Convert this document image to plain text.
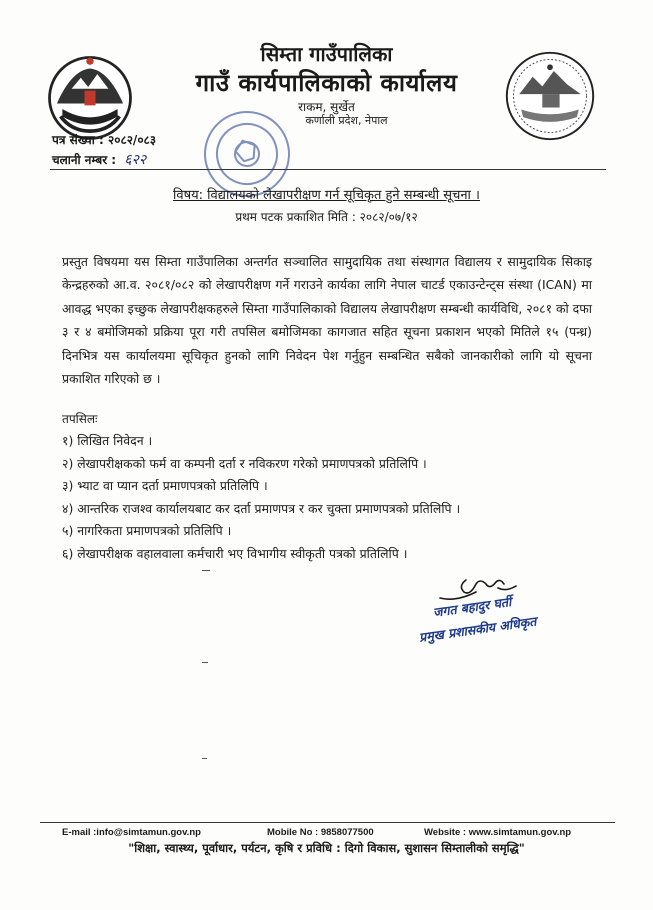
सिम्ता गाउँपालिका
गाउँ कार्यपालिकाको कार्यालय
राकम, सुर्खेत
कर्णाली प्रदेश, नेपाल
पत्र संख्या : २०८२/०८३
चलानी नम्बर : ६२२
विषय: विद्यालयको लेखापरीक्षण गर्न सूचिकृत हुने सम्बन्धी सूचना ।
प्रथम पटक प्रकाशित मिति : २०८२/०७/१२
प्रस्तुत विषयमा यस सिम्ता गाउँपालिका अन्तर्गत सञ्चालित सामुदायिक तथा संस्थागत विद्यालय र सामुदायिक सिकाइ केन्द्रहरुको आ.व. २०८१/०८२ को लेखापरीक्षण गर्ने गराउने कार्यका लागि नेपाल चाटर्ड एकाउन्टेन्ट्स संस्था (ICAN) मा आवद्ध भएका इच्छुक लेखापरीक्षकहरुले सिम्ता गाउँपालिकाको विद्यालय लेखापरीक्षण सम्बन्धी कार्यविधि, २०८१ को दफा ३ र ४ बमोजिमको प्रक्रिया पूरा गरी तपसिल बमोजिमका कागजात सहित सूचना प्रकाशन भएको मितिले १५ (पन्ध्र) दिनभित्र यस कार्यालयमा सूचिकृत हुनको लागि निवेदन पेश गर्नुहुन सम्बन्धित सबैको जानकारीको लागि यो सूचना प्रकाशित गरिएको छ ।
तपसिलः
१) लिखित निवेदन ।
२) लेखापरीक्षकको फर्म वा कम्पनी दर्ता र नविकरण गरेको प्रमाणपत्रको प्रतिलिपि ।
३) भ्याट वा प्यान दर्ता प्रमाणपत्रको प्रतिलिपि ।
४) आन्तरिक राजश्व कार्यालयबाट कर दर्ता प्रमाणपत्र र कर चुक्ता प्रमाणपत्रको प्रतिलिपि ।
५) नागरिकता प्रमाणपत्रको प्रतिलिपि ।
६) लेखापरीक्षक वहालवाला कर्मचारी भए विभागीय स्वीकृती पत्रको प्रतिलिपि ।
जगत बहादुर घर्ती
प्रमुख प्रशासकीय अधिकृत
E-mail :info@simtamun.gov.np	Mobile No : 9858077500	Website : www.simtamun.gov.np
"शिक्षा, स्वास्थ्य, पूर्वाधार, पर्यटन, कृषि र प्रविधि : दिगो विकास, सुशासन सिम्ताली‍को समृद्धि"
